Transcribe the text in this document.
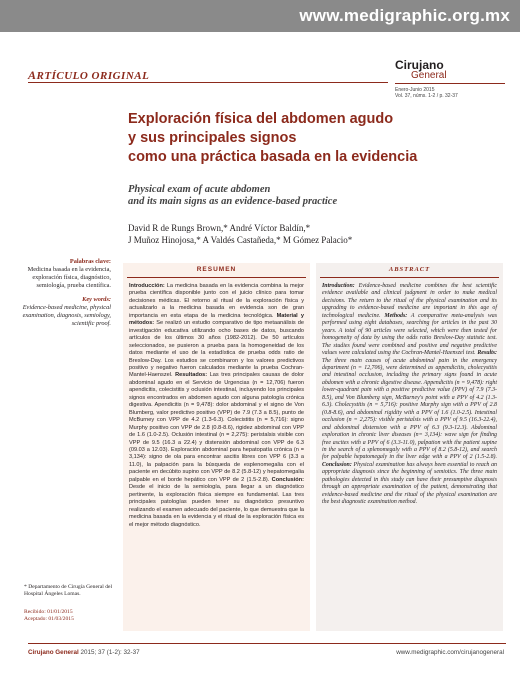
www.medigraphic.org.mx
ARTÍCULO ORIGINAL
Cirujano
General
Enero-Junio 2015
Vol. 37, núms. 1-2 / p. 32-37
Exploración física del abdomen agudo
y sus principales signos
como una práctica basada en la evidencia
Physical exam of acute abdomen
and its main signs as an evidence-based practice
David R de Rungs Brown,* André Víctor Baldín,*
J Muñoz Hinojosa,* A Valdés Castañeda,* M Gómez Palacio*
Palabras clave:
Medicina basada en la evidencia, exploración física, diagnóstico, semiología, prueba científica.
Key words:
Evidence-based medicine, physical examination, diagnosis, semiology, scientific proof.
* Departamento de Cirugía General del Hospital Ángeles Lomas.
Recibido: 01/01/2015
Aceptado: 01/03/2015
RESUMEN
Introducción: La medicina basada en la evidencia combina la mejor prueba científica disponible junto con el juicio clínico para tomar decisiones médicas. El retorno al ritual de la exploración física y actualizarlo a la medicina basada en evidencia son de gran importancia en esta etapa de la medicina tecnológica. Material y métodos: Se realizó un estudio comparativo de tipo metaanálisis de investigación educativa utilizando ocho bases de datos, buscando artículos de los últimos 30 años (1982-2012). De 50 artículos seleccionados, se pusieron a prueba para la homogeneidad de los datos mediante el uso de la estadística de prueba odds ratio de Breslow-Day. Los estudios se combinaron y los valores predictivos positivo y negativo fueron calculados mediante la prueba Cochran-Mantel-Haenszel. Resultados: Las tres principales causas de dolor abdominal agudo en el Servicio de Urgencias (n = 12,706) fueron apendicitis, colecistitis y oclusión intestinal, incluyendo los principales signos encontrados en abdomen agudo con alguna patología crónica digestiva. Apendicitis (n = 9,478): dolor abdominal y el signo de Von Blumberg, valor predictivo positivo (VPP) de 7.9 (7.3 a 8.5), punto de McBurney con VPP de 4.2 (1.3-6.3). Colecistitis (n = 5,716): signo Murphy positivo con VPP de 2.8 (0.8-8.6), rigidez abdominal con VPP de 1.6 (1.0-2.5). Oclusión intestinal (n = 2,275): peristalsis visible con VPP de 9.5 (16.3 a 22.4) y distensión abdominal con VPP de 6.3 (09.03 a 12.03). Exploración abdominal para hepatopatía crónica (n = 3,134): signo de ola para encontrar ascitis libres con VPP 6 (3.3 a 11.0), la palpación para la búsqueda de esplenomegalia con el paciente en decúbito supino con VPP de 8.2 (5.8-12) y hepatomegalia palpable en el borde hepático con VPP de 2 (1.5-2.8). Conclusión: Desde el inicio de la semiología, para llegar a un diagnóstico pertinente, la exploración física siempre es fundamental. Las tres principales patologías pueden tener su diagnóstico presuntivo realizando el examen adecuado del paciente, lo que demuestra que la medicina basada en la evidencia y el ritual de la exploración física es el mejor método diagnóstico.
ABSTRACT
Introduction: Evidence-based medicine combines the best scientific evidence available and clinical judgment in order to make medical decisions. The return to the ritual of the physical examination and its upgrading to evidence-based medicine are important in this age of technological medicine. Methods: A comparative meta-analysis was performed using eight databases, searching for articles in the past 30 years. A total of 90 articles were selected, which were then tested for homogeneity of data by using the odds ratio Breslow-Day statistic test. The studies found were combined and positive and negative predictive values were calculated using the Cochran-Mantel-Haenszel test. Results: The three main causes of acute abdominal pain in the emergency department (n = 12,706), were determined as appendicitis, cholecystitis and intestinal occlusion, including the primary signs found in acute abdomen with a chronic digestive disease. Appendicitis (n = 9,478): right lower-quadrant pain with a positive predictive value (PPV) of 7.9 (7.3-8.5), and Von Blumberg sign, McBurney's point with a PPV of 4.2 (1.3-6.3). Cholecystitis (n = 5,716): positive Murphy sign with a PPV of 2.8 (0.8-8.6), and abdominal rigidity with a PPV of 1.6 (1.0-2.5). Intestinal occlusion (n = 2,275): visible peristalsis with a PPV of 9.5 (16.3-22.4), and abdominal distension with a PPV of 6.3 (9.3-12.3). Abdominal exploration in chronic liver diseases (n= 3,134): wave sign for finding free ascites with a PPV of 6 (3.3-11.0), palpation with the patient supine in the search of a splenomegaly with a PPV of 8.2 (5.8-12), and search for palpable hepatomegaly in the liver edge with a PPV of 2 (1.5-2.8). Conclusion: Physical examination has always been essential to reach an appropriate diagnosis since the beginning of semiotics. The three main pathologies detected in this study can have their presumptive diagnosis through an appropriate examination of the patient, demonstrating that evidence-based medicine and the ritual of the physical examination are the best diagnostic examination method.
Cirujano General 2015; 37 (1-2): 32-37	www.medigraphic.com/cirujanogeneral
